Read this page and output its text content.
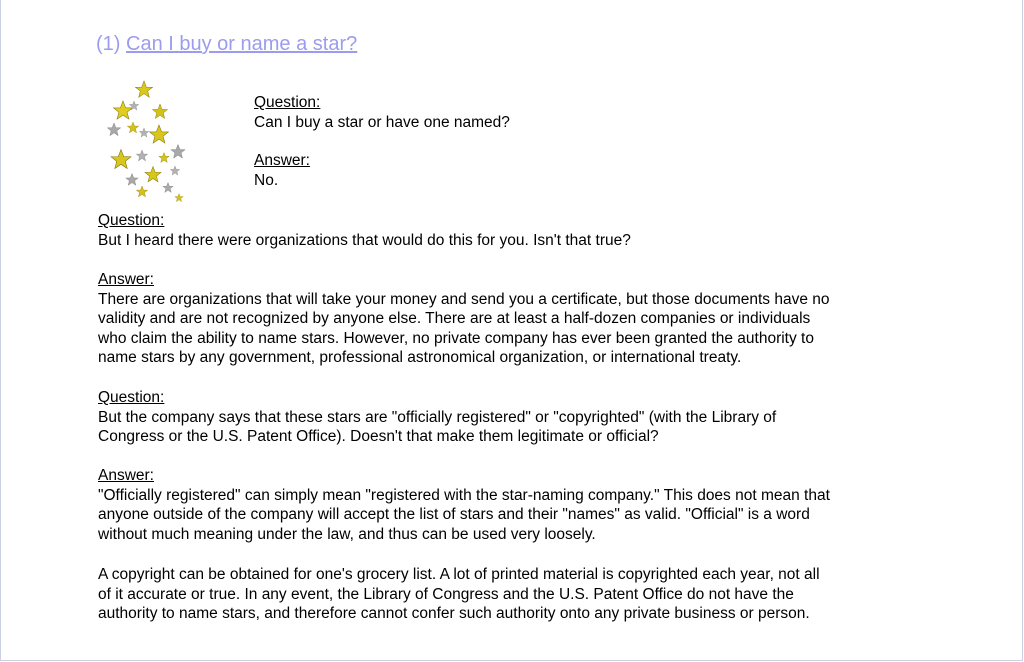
(1) Can I buy or name a star?
Question:
Can I buy a star or have one named?
Answer:
No.
Question:
But I heard there were organizations that would do this for you. Isn't that true?
Answer:
There are organizations that will take your money and send you a certificate, but those documents have no
validity and are not recognized by anyone else. There are at least a half-dozen companies or individuals
who claim the ability to name stars. However, no private company has ever been granted the authority to
name stars by any government, professional astronomical organization, or international treaty.
Question:
But the company says that these stars are "officially registered" or "copyrighted" (with the Library of
Congress or the U.S. Patent Office). Doesn't that make them legitimate or official?
Answer:
"Officially registered" can simply mean "registered with the star-naming company." This does not mean that
anyone outside of the company will accept the list of stars and their "names" as valid. "Official" is a word
without much meaning under the law, and thus can be used very loosely.
A copyright can be obtained for one's grocery list. A lot of printed material is copyrighted each year, not all
of it accurate or true. In any event, the Library of Congress and the U.S. Patent Office do not have the
authority to name stars, and therefore cannot confer such authority onto any private business or person.
